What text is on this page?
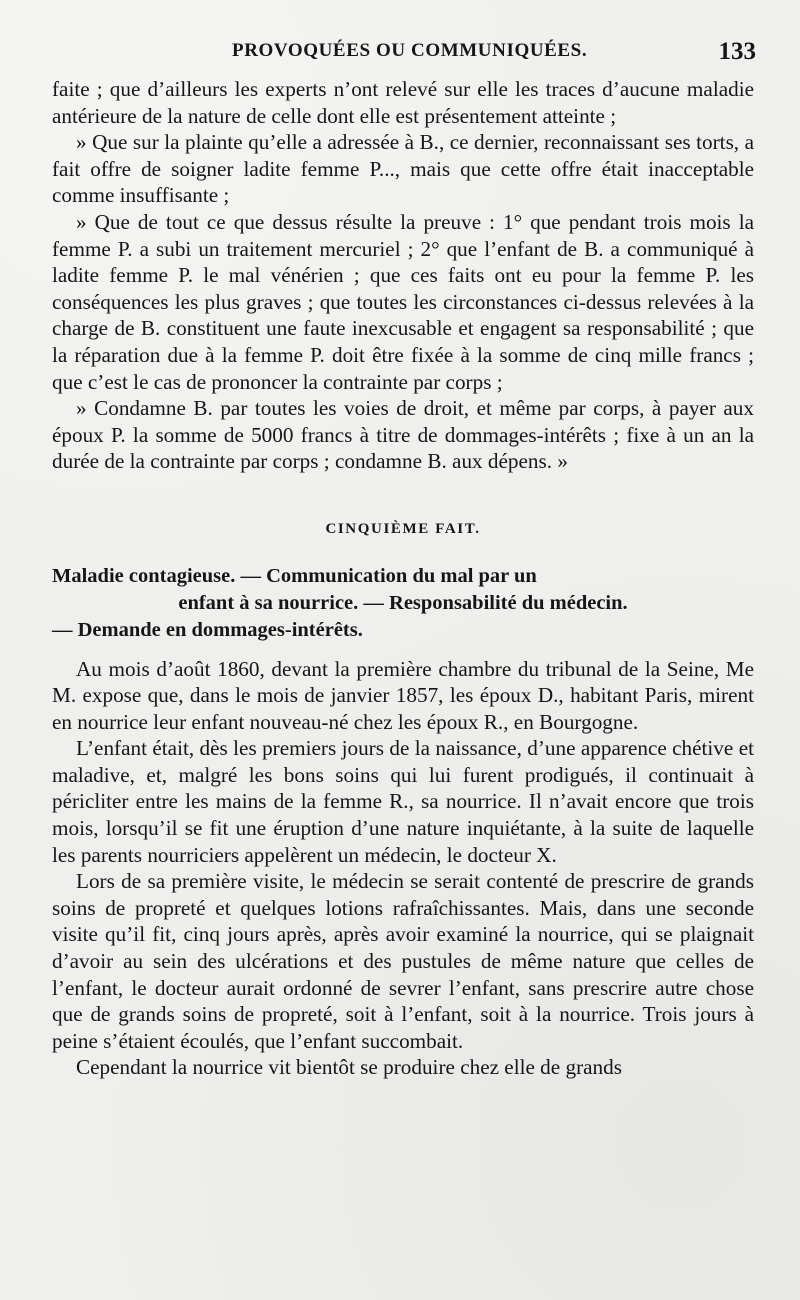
PROVOQUÉES OU COMMUNIQUÉES.	133

faite ; que d’ailleurs les experts n’ont relevé sur elle les traces d’aucune maladie antérieure de la nature de celle dont elle est présentement atteinte ;

» Que sur la plainte qu’elle a adressée à B., ce dernier, reconnaissant ses torts, a fait offre de soigner ladite femme P..., mais que cette offre était inacceptable comme insuffisante ;

» Que de tout ce que dessus résulte la preuve : 1° que pendant trois mois la femme P. a subi un traitement mercuriel ; 2° que l’enfant de B. a communiqué à ladite femme P. le mal vénérien ; que ces faits ont eu pour la femme P. les conséquences les plus graves ; que toutes les circonstances ci-dessus relevées à la charge de B. constituent une faute inexcusable et engagent sa responsabilité ; que la réparation due à la femme P. doit être fixée à la somme de cinq mille francs ; que c’est le cas de prononcer la contrainte par corps ;

» Condamne B. par toutes les voies de droit, et même par corps, à payer aux époux P. la somme de 5000 francs à titre de dommages-intérêts ; fixe à un an la durée de la contrainte par corps ; condamne B. aux dépens. »

CINQUIÈME FAIT.
Maladie contagieuse. — Communication du mal par un
enfant à sa nourrice. — Responsabilité du médecin.
— Demande en dommages-intérêts.

Au mois d’août 1860, devant la première chambre du tribunal de la Seine, Me M. expose que, dans le mois de janvier 1857, les époux D., habitant Paris, mirent en nourrice leur enfant nouveau-né chez les époux R., en Bourgogne.

L’enfant était, dès les premiers jours de la naissance, d’une apparence chétive et maladive, et, malgré les bons soins qui lui furent prodigués, il continuait à péricliter entre les mains de la femme R., sa nourrice. Il n’avait encore que trois mois, lorsqu’il se fit une éruption d’une nature inquiétante, à la suite de laquelle les parents nourriciers appelèrent un médecin, le docteur X.

Lors de sa première visite, le médecin se serait contenté de prescrire de grands soins de propreté et quelques lotions rafraîchissantes. Mais, dans une seconde visite qu’il fit, cinq jours après, après avoir examiné la nourrice, qui se plaignait d’avoir au sein des ulcérations et des pustules de même nature que celles de l’enfant, le docteur aurait ordonné de sevrer l’enfant, sans prescrire autre chose que de grands soins de propreté, soit à l’enfant, soit à la nourrice. Trois jours à peine s’étaient écoulés, que l’enfant succombait.

Cependant la nourrice vit bientôt se produire chez elle de grands
